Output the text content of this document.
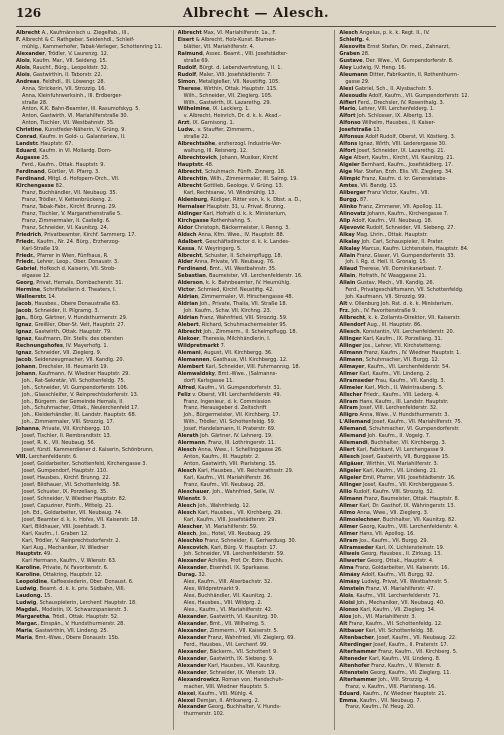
126	Albrecht — Alesch.
Albrecht A., Kaufmännisch u. Ziegelfab., III.,
F. Albrecht & C. Rathgeber, Seidenhdl., Schleif-
mühlg., Kammerhofer, Tabak-Verleger, Schottenring 11.
Alexander, Trödler, V. Laurenzg. 12.
Alois, Kaufm. Mar., VII. Seideng. 15.
Alois, Rauchf., Bürg., Leopoldstr. 32.
Alois, Gastwirthin, II. Taborstr. 22.
Andreas, Feldhdl., III. Löwengr. 28.
Anna, Strickerin, VII. Strozzig. 16.
Anna, Kleinfuhrwerksinh., III. Erdberger-
straße 28.
Anton, K.K. Bahn-Beamter, III. Rasumofskyg. 5.
Anton, Gastwirth, VI. Mariahilferstraße 30.
Anton, Tischler, VII. Westbahnstr. 35.
Christine, Kunstfeder-Näherin, V. Grüng. 9.
Conrad, Kaufm. in Gold- u. Galanteriew., II.
Landstr. Hauptstr. 67.
Eduard, Kaufm. in VI. Mollardg. Dorn-
Augasse 25.
Ferd., Kaufm., Ottak. Hauptstr. 9.
Ferdinand, Gürtler, VI. Pfarrg. 3.
Ferdinand, Mitgl. d. Hofopern-Orch., VII.
Kirchengasse 82.
Franz, Buchhändler, VII. Neubaug. 35.
Franz, Trödler, V. Kettenbrückeng. 2.
Franz, Tabak-Fabr., Kirchf. Brunng. 29.
Franz, Tischler, V. Margarethenstraße 5.
Franz, Zimmermaler, II. Castellg. 6.
Franz, Schneider, VI. Kaunitzg. 24.
Friedrich, Privatbeamter, Kirchf. Sammerg. 17.
Friedr., Kaufm., Nr. 24. Bürg., Erzherzog-
Karl-Straße 19.
Friedr., Pfarrer in Wien, Fünfhaus, R.
Friedr., Lehrer, Leop., Ober. Donaustr. 3.
Gabriel, Hofkoch d. Kaiserin, VII. Strob-
elgasse 12.
Georg, Privat, Hernals, Dornbacherstr. 31.
Hermine, Schriftstellerin d. Theaters, I.
Wallnerstr. 14.
Jacob, Hausbes., Obere Donaustraße 63.
Jacob, Schneider, II. Pilgramg. 3.
Jgn., Bürg. Gärtner, V. Hundsthurmerstr. 29.
Ignaz, Greißler, Ober-St. Veit, Hauptstr. 27.
Ignaz, Gastwirth, Ottak. Hauptstr. 79.
Ignaz, Kaufmann, Dir. Stellv. des obersten
Rechnungshofes, IV. Mayerhofg. 1.
Ignaz, Schneider, VII. Zieglerg. 9.
Jacob, Seidenzeugmacher, VII. Kandlg. 20.
Johann, Drechsler, III. Heumarkt 19.
Johann, Kaufmann, IV. Wiedner Hauptstr. 29.
Joh., Rat-Sekretär, VII. Schottenfeldg. 75.
Joh., Schneider, VI. Gumpendorferstr. 106.
Joh., Glasschleifer, V. Reinprechtsdorferstr. 13.
Joh., Bürgerm. der Gemeinde Hernals, II.
Joh., Schuhmacher, Ottak., Neulerchenfeld 17.
Joh., Kleiderhändler, III. Landstr. Hauptstr. 68.
Joh., Zimmermaler, VIII. Strozzig. 17.
Johanna, Private, VII. Kirchbergg. 10.
Josef, Tischler, II. Rembrandtstr. 13.
Josef, R. K., VII. Neubaug. 56.
Josef, fürstl. Kammerdiener d. Kaiserin, Schönbrunn,
VIII. Lerchenfelderstr. 6.
Josef, Goldarbeiter, Schottenfeld, Kirchengasse 3.
Josef, Gumpendorf, Hauptstr. 110.
Josef, Hausbes., Kirchf. Brunng. 22.
Josef, Bildhauer, VII. Schottenfeldg. 58.
Josef, Schuster, IX. Porzellang. 35.
Josef, Schneider, V. Wiedner Hauptstr. 82.
Josef, Capuziner, Fünfh., Mittelg. 21.
Joh. Ed., Goldarbeiter, VII. Neubaug. 74.
Josef, Beamter d. k. k. Hofes, VII. Kaiserstr. 18.
Karl, Bildhauer, VIII. Josefstadt. 3.
Karl, Kaufm., I. Graben 12.
Karl, Trödler, V. Reinprechtsdorferstr. 2.
Karl Aug., Mechaniker, IV. Wiedner
Hauptstr. 49.
Karl Hermann, Kaufm., V. Wienstr. 63.
Karoline, Private, IV. Favoritenstr. 6.
Karoline, Ottakring, Hauptstr. 12.
Leopoldine, Kaffeesiederin, Ober. Donaust. 6.
Ludwig, Beamt. d. k. k. priv. Südbahn, VIII.
Laudong. 15.
Ludwig, Schauspielerin, Lerchenf. Hauptstr. 18.
Magdal., Modistin, IX. Schwarzspanierstr. 3.
Margaretha, Trödl., Ottak. Hauptstr. 52.
Margar., Einspän., V. Hundsthurmerstr. 28.
Maria, Gastwirthin, VII. Lindeng. 25.
Maria, Bmt.-Wwe., Obere Donaustr. 15b.
Albrecht Max, VI. Mariahilferstr. 1a., F.
Eisert & Albrecht, Holz-Kunst. Blumen-
blätter, VII. Mariahilferstr. 4.
Raimund, Assec. Beamt., VIII. Josefstädter-
straße 69.
Rudolf, Bürgt. d. Lebendvertretung, II. 1.
Rudolf, Maler, VIII. Josefstädterstr. 7.
Simon, Metallgießer, VII. Neustiftg. 105.
Therese, Wirthin, Ottak. Hauptstr. 115.
Wilh., Schneider, VII. Zieglerg. 105.
Wilh., Gastwirth, IX. Lazarethg. 29.
Wilhelmine, IX. Lackierg. 1.
v. Albrecht, Heinrich, Dr. d. k. k. Akad.-
Arzt, IX. Garnisong. 1.
Ludw., v. Stauffer, Zimmerm.,
straße 22.
Albrechtsöhe, erzherzogl. Industrie-Ver-
waltung, III. Reisnerg. 12.
Albrechtovich, Johann, Musiker, Kirchf.
Hauptstr. 48.
Albrecht, Schuhmach. Fünfh. Zinnerg. 18.
Albrechtin, Wilh., Zimmermaler, III. Salmg. 19.
Albrecht Gottlieb, Geologe, V. Grüng. 13.
Karl, Rechtsanw., VI. Windmühlg. 13.
Aldenburg, Rüdiger, Ritter von, k. k. Dbst. a. D.,
Hernalser Hauptstr. 31, u. Privat. Brunng.
Aldinger Karl, Hofrath d. k. k. Ministerium,
Kirchgasse Rothenhahng. 5.
Aldor Christoph, Bäckermeister, I. Renng. 3.
Aldsch Anna, Kfm. Wwe., IV. Hauptstr. 88.
Adalbert, Geschäftsdirector d. k. k. Landes-
Kassa, IV. Weyringerg. 5.
Albrecht, Schuster, II. Scheimpflugg. 18.
Alder Anna, Private, VII. Neubaug. 76.
Ferdinand, Bmt., VII. Westbahnstr. 35.
Sebastian, Baumeister, VII. Lerchenfelderstr. 16.
Alderson, k. k. Bahnbeamter, IV. Heumühlg.
Victor, Schmied, Kirchf. Neustiftg. 42.
Aldrian, Zimmermaler, VI. Hirschengasse 48.
Aldrian Joh., Private, Thalia, VII. Straße 18.
Joh. Kaufm., Schw. VII. Kirchng. 23.
Aldrian Franz, Wahnfried, VIII. Strozzig. 59.
Alebert, Richard, Schuhmachermeister 95.
Albrecht Joh., Zimmerm., II. Scheimpflugg. 18.
Alekoer, Theresia, Milchhändlerin, I.
Wildpretmarkt 7.
Alemani, August, VII. Kirchbergg. 36.
Alemannen, Gasthaus, VII. Kirchbergg. 12.
Alembert Karl, Schneider, VIII. Fuhrmannsg. 18.
Alemwaldsky, Bmt.-Wwe., (Salmanns-
dorf) Karlsgasse 11.
Alfred, Kaufm., VI. Gumpendorferstr. 31.
Feliz v. Oberst, VIII. Lerchenfelderstr. 49.
Franz, Ingenieur, d. k. Commission
Franz, Herausgeber d. Zeitschrift
Joh., Bürgermeister, VII. Kirchberg. 17.
Wilh., Trödler, VII. Schottenfeldg. 59.
Josef, Handelsmann, II. Praterstr. 69.
Alerath Joh. Gärtner, IV. Lehnerg. 19.
Alermann, Franz, III. Lothringerstr. 11.
Alesch Anna, Wwe., I. Schellinggasse 26.
Anton, Kaufm., III. Hauptstr. 2.
Anton, Gastwirth, VIII. Piaristeng. 15.
Alesch Karl, Hausbes., VII. Reichsrathsstr. 29.
Karl, Kaufm., VII. Mariahilferstr. 36.
Franz, Kaufm., VII. Neubaug. 28.
Aleschauer, Joh., Wahnfried, Seile, IV.
Wienstr. 9.
Alesch Joh., Wahnfriedg. 12.
Alesch Karl, Hausbes., VII. Kirchberg. 29.
Karl, Kaufm., VIII. Josefstädterstr. 29.
Alescher, VI. Mariahilferstr. 59.
Alesch, Jos., Hotel, VII. Neubaug. 29.
Aleschko Franz, Schneider, II. Gerhardusg. 30.
Alescovich, Karl, Bürg. V. Hauptstr. 17.
Joh. Schneider, VII. Lerchenfelderstr. 59.
Alexander Achilles, Prof. Dr. Edm. Buchh.
Alexander, Eisenhdl. IX. Sparkasse.
Durag. 32.
Alex, Kaufm., VIII. Alserbachstr. 32.
Alex, Wildpretmarkt 9.
Alex, Buchhändler, VII. Kaunitzg. 2.
Alex, Hausbes., VIII. Wildprg. 2.
Alex., Kaufm., VI. Mariahilferstr. 42.
Alexander, Gastwirth, VI. Kaunitzg. 30.
Alexander, Bmt., VII. Wilhelmg. 5.
Alexander, Zimmerm., VII. Kaiserstr. 5.
Alexander Franz, Wahnfried, VII. Zieglerg. 69.
Ferd., Hausbes., VII. Lerchenf. 99.
Alexander, Bäckerm., VII. Schottenf. 9.
Alexander, Gastwirth, IX. Siebeng. 9.
Alexander Karl, Hausbes., VII. Kaunitzg.
Alexander, Schneider, IX. Wienstr. 19.
Alexandrowicz, Roman von, Handschuh-
macher, VIII. Wiedner Hauptstr. 5.
Alexei, Kaufm., VIII. Mühlg. 4.
Alexei Demjan, II. Afrikanerg. 2.
Alexander Georg, Buchhalter, V. Hunds-
thurmerstr. 102.
Alesch Angelus, p. k. k. Regt. II., IV.
Schleifg. 4.
Alexovits Ernst Stefan, Dr. med., Zahnarzt,
Graben 28.
Gustave, Der. Wwe., VI. Gumpendorferstr. 8.
Aley Ludwig, IV. Heng. 16.
Aleumann Ditter, Fabrikantin, II. Rothenthurm-
gasse 29.
Alexi Gabriel, Sch., II. Alysbachstr. 5.
Alexoudis Adolf, Kaufm., VII. Gumpendorferstr. 12.
Alfieri Ferd., Drechsler, IV. Rosenthalg. 3.
Mario, Lehrer, VIII. Lerchenfelderg. 1.
Alfort Joh. Schlosser, IX. Albertg. 13.
Alfonso Wilhelm, Hausbes., II. Kaiser-
Josefstraße 13.
Alfonsus Adolf Rudolf, Oberst, VI. Köstlerg. 3.
Alfons Ignaz, Wirth, VIII. Lederergasse 30.
Alfort Josef, Schneider, IX. Lazarethg. 21.
Alge Albert, Kaufm., Kirchf., VII. Kaunitzg. 21.
Algeier Bernhard, Kaufm., Josefstädterg. 17.
Alge Mar. Stefan, Erzh. Elis. VII. Zieglerg. 34.
Alimpić Franz, Kaufm. d. kr. Generalstabs-
Amtes, VII. Bandg. 13.
Aliberger Franz Victor, Kaufm., VII.
Burgg. 87.
Alinko Franz, Zimmerer, VII. Apollog. 11.
Alinovatz Johann, Kaufm., Kirchengasse 7.
Alip Adolf, Kaufm., VII. Neubaug. 18.
Aljevović Rudolf, Schneider, VII. Siebeng. 27.
Alkay Mag. Lhrin., Ottak. Hauptstr.
Alkalay Joh. Carl, Schauspieler, II. Prater.
Alkalay Marcus, Kaufm. Lichtenstein, Hauptstr. 84.
Allain Franz, Glaser, VI. Gumpendorferstr. 33.
Joh. I. Rg. d. Heil. II. Gronalg. 15.
Allaud Therese, VII. Dominikanerbast. 7.
Allain, Hofrath, IV. Waaggasse 21.
Allain Gustav, Mech., VII. Kandlg. 26.
Ferd., Privatgeschäftsmann, VII. Schottenfeldg.
Joh. Kaufmann, VII. Strozzig. 99.
Alt v. Ollenburg Joh. Rst. d. k. k. Ministerium,
Frz. Joh., IV. Favoritenstraße 9.
Allbrecht, k. k. Zollamts-Direktor, VII. Kaiserstr.
Allendorf Aug., III. Hauptstr. 86.
Allesch, Konstantin, VII. Lerchenfelderstr. 20.
Allinger Karl, Kaufm., IX. Porzellang. 31.
Allinger Jos., Lehrer, VII. Kirchstetterng.
Allmann Franz, Kaufm., IV. Wiedner Hauptstr. 1.
Allmann, Schuhmacher, VII. Burgg. 12.
Allmayer, Kaufm., VII. Lerchenfelderstr. 54.
Allmer Karl, Kaufm., VII. Lindeng. 2.
Allramseder Frau, Kaufm., VII. Kandlg. 3.
Allmeier Karl, Mich., II. Weintraubeng. 5.
Allscher Friedr., Kaufm., VIII. Lederg. 4.
Allram Hans, Kaufm., III. Landstr. Hauptstr.
Allram Josef, VIII. Lerchenfelderstr. 32.
Alligro Anna, Wwe., V. Hundsthurmerstr. 3.
L'Allemand Josef, Kaufm., VII. Mariahilferstr. 75.
Allemand, Schuhmacher, VI. Gumpendorferstr.
Allemand Joh. Kaufm., II. Vogelg. 7.
Allemandi, Buchhalter, VII. Kirchbergg. 3.
Allert Karl, Fabrikant, VI. Lerchengasse 9.
Allesch Josef, Gastwirth, VII. Burggasse 15.
Allgäuer, Wirthin, VII. Mariahilferstr. 3.
Allgeier Karl, Kaufm., VII. Lindeng. 21.
Allgeier Emil, Pfarrer, VIII. Josefstädterstr. 16.
Allinger Josef, Kaufm., VII. Kirchberggasse 5.
Allio Rudolf, Kaufm. VIII. Strozzig. 32.
Allmann Franz, Baumeister, Ottak. Hauptstr. 8.
Allmer Karl, Dr. Gasthof, IX. Währingerstr. 13.
Allmo Anna, Wwe., VII. Zieglerg. 3.
Allmoslechner, Buchhalter, VII. Kaunitzg. 82.
Allmer Georg, Kaufm., VIII. Lerchenfelderstr. 4.
Allmer Hans, VII. Apollog. 16.
Allram Jos., Kaufm., VII. Burgg. 29.
Allramseder Karl, IX. Lichtensteinstr. 19.
Allweis Georg, Hausbes., II. Zirkusg. 13.
Allwerter Georg, Ottak., Hauptstr. 4.
Alma Franz, Goldarbeiter, VII. Kaiserstr. 16.
Almásy Adolf, Kaufm., VII. Burgg. 92.
Almásy Ludwig, Privat, VII. Westbahnstr. 5.
Almstein Franz, VI. Mariahilferstr. 47.
Alois, Kaufm., VIII. Lerchenfelderstr. 71.
Aloisi Joh., Mechaniker, VII. Neubaug. 40.
Alonso Karl, Kaufm., VII. Zieglerg. 34.
Alos Joh., VII. Mariahilferstr. 3.
Alt Franz, Kaufm., VII. Schottenfeldg. 12.
Altbauer Karl, VII. Schottenfeldg. 38.
Altenbacher, Josef, Kaufm., VII. Neubaug. 22.
Alterdinger Josef, Kaufm., II. Praterstr. 17.
Alterhammer Franz, Kaufm., VII. Kirchberg. 5.
Alteneder Karl, Kaufm., VII. Lindeng. 8.
Altenhofer Franz, Kaufm., V. Wienstr. 8.
Altenstein Georg, Kaufm., VII. Zieglerg. 11.
Alterhammer Joh., VIII. Strozzig. 4.
Franz, v. Kaufm., VIII. Piaristeng. 16.
Eduard, Kaufm., IV. Wiedner Hauptstr. 21.
Emma, Kaufm., VII. Neubaug. 7.
Franz, Kaufm., IV. Heug. 20.
